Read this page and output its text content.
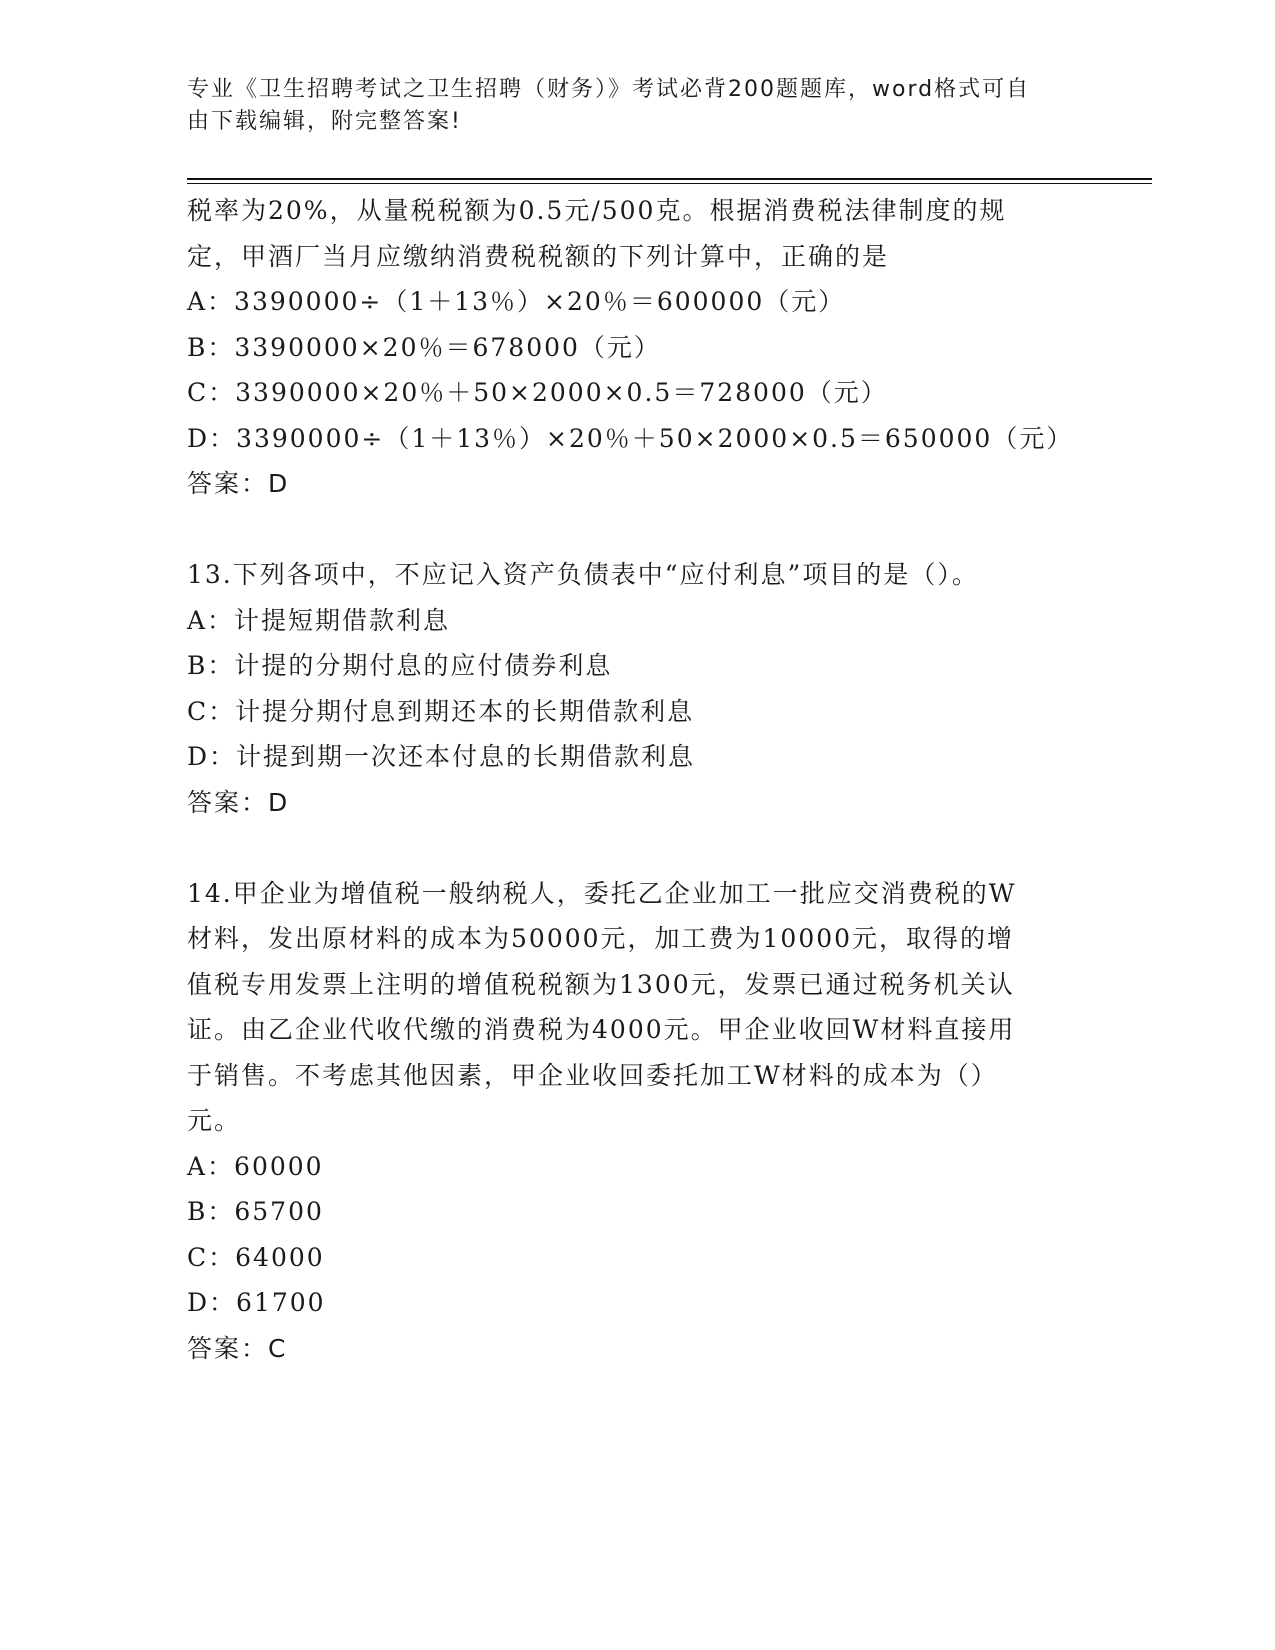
专业《卫生招聘考试之卫生招聘（财务）》考试必背200题题库，word格式可自
由下载编辑，附完整答案!
税率为20%，从量税税额为0.5元/500克。根据消费税法律制度的规
定，甲酒厂当月应缴纳消费税税额的下列计算中，正确的是
A：3390000÷（1＋13％）×20％＝600000（元）
B：3390000×20％＝678000（元）
C：3390000×20％＋50×2000×0.5＝728000（元）
D：3390000÷（1＋13％）×20％＋50×2000×0.5＝650000（元）
答案：D
13.下列各项中，不应记入资产负债表中“应付利息”项目的是（）。
A：计提短期借款利息
B：计提的分期付息的应付债券利息
C：计提分期付息到期还本的长期借款利息
D：计提到期一次还本付息的长期借款利息
答案：D
14.甲企业为增值税一般纳税人，委托乙企业加工一批应交消费税的W
材料，发出原材料的成本为50000元，加工费为10000元，取得的增
值税专用发票上注明的增值税税额为1300元，发票已通过税务机关认
证。由乙企业代收代缴的消费税为4000元。甲企业收回W材料直接用
于销售。不考虑其他因素，甲企业收回委托加工W材料的成本为（）
元。
A：60000
B：65700
C：64000
D：61700
答案：C
